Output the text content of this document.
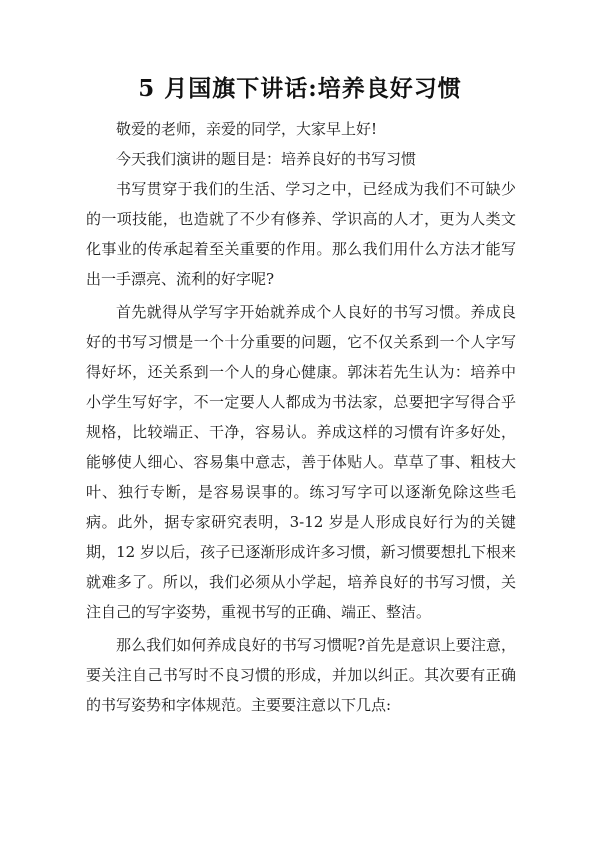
5 月国旗下讲话:培养良好习惯

敬爱的老师，亲爱的同学，大家早上好!

今天我们演讲的题目是：培养良好的书写习惯

书写贯穿于我们的生活、学习之中，已经成为我们不可缺少的一项技能，也造就了不少有修养、学识高的人才，更为人类文化事业的传承起着至关重要的作用。那么我们用什么方法才能写出一手漂亮、流利的好字呢?

首先就得从学写字开始就养成个人良好的书写习惯。养成良好的书写习惯是一个十分重要的问题，它不仅关系到一个人字写得好坏，还关系到一个人的身心健康。郭沫若先生认为：培养中小学生写好字，不一定要人人都成为书法家，总要把字写得合乎规格，比较端正、干净，容易认。养成这样的习惯有许多好处，能够使人细心、容易集中意志，善于体贴人。草草了事、粗枝大叶、独行专断，是容易误事的。练习写字可以逐渐免除这些毛病。此外，据专家研究表明，3-12 岁是人形成良好行为的关键期，12 岁以后，孩子已逐渐形成许多习惯，新习惯要想扎下根来就难多了。所以，我们必须从小学起，培养良好的书写习惯，关注自己的写字姿势，重视书写的正确、端正、整洁。

那么我们如何养成良好的书写习惯呢?首先是意识上要注意，要关注自己书写时不良习惯的形成，并加以纠正。其次要有正确的书写姿势和字体规范。主要要注意以下几点:
